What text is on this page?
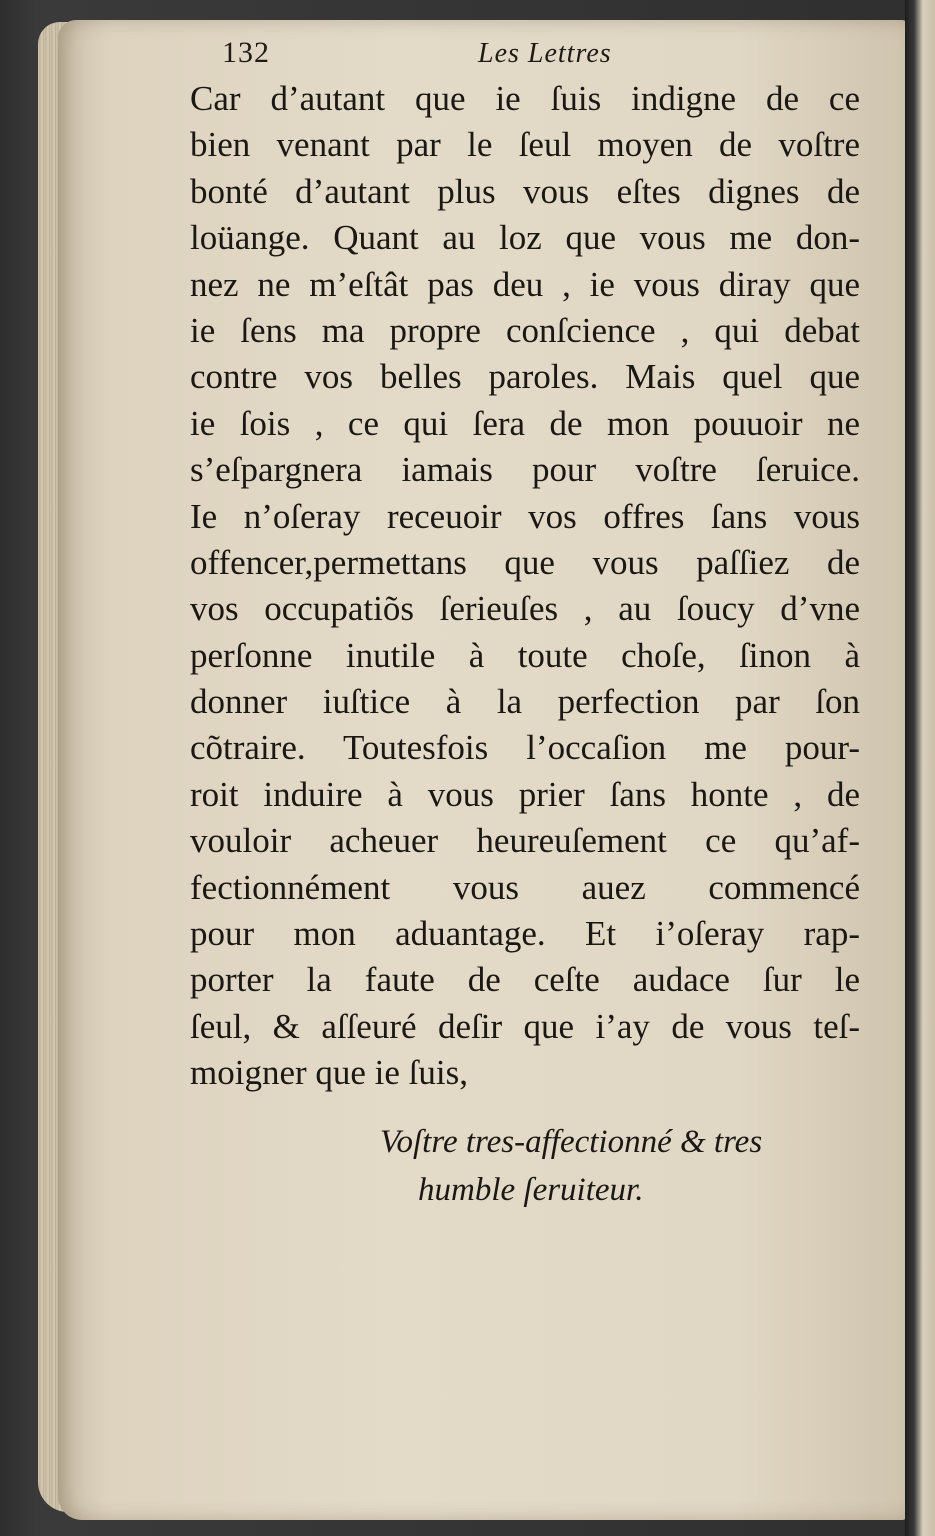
132	Les Lettres
Car d’autant que ie ſuis indigne de ce
bien venant par le ſeul moyen de voſtre
bonté d’autant plus vous eſtes dignes de
loüange. Quant au loz que vous me don-
nez ne m’eſtât pas deu , ie vous diray que
ie ſens ma propre conſcience , qui debat
contre vos belles paroles. Mais quel que
ie ſois , ce qui ſera de mon pouuoir ne
s’eſpargnera iamais pour voſtre ſeruice.
Ie n’oſeray receuoir vos offres ſans vous
offencer,permettans que vous paſſiez de
vos occupatiõs ſerieuſes , au ſoucy d’vne
perſonne inutile à toute choſe, ſinon à
donner iuſtice à la perfection par ſon
cõtraire. Toutesfois l’occaſion me pour-
roit induire à vous prier ſans honte , de
vouloir acheuer heureuſement ce qu’af-
fectionnément vous auez commencé
pour mon aduantage. Et i’oſeray rap-
porter la faute de ceſte audace ſur le
ſeul, & aſſeuré deſir que i’ay de vous teſ-
moigner que ie ſuis,
Voſtre tres-affectionné & tres
humble ſeruiteur.
